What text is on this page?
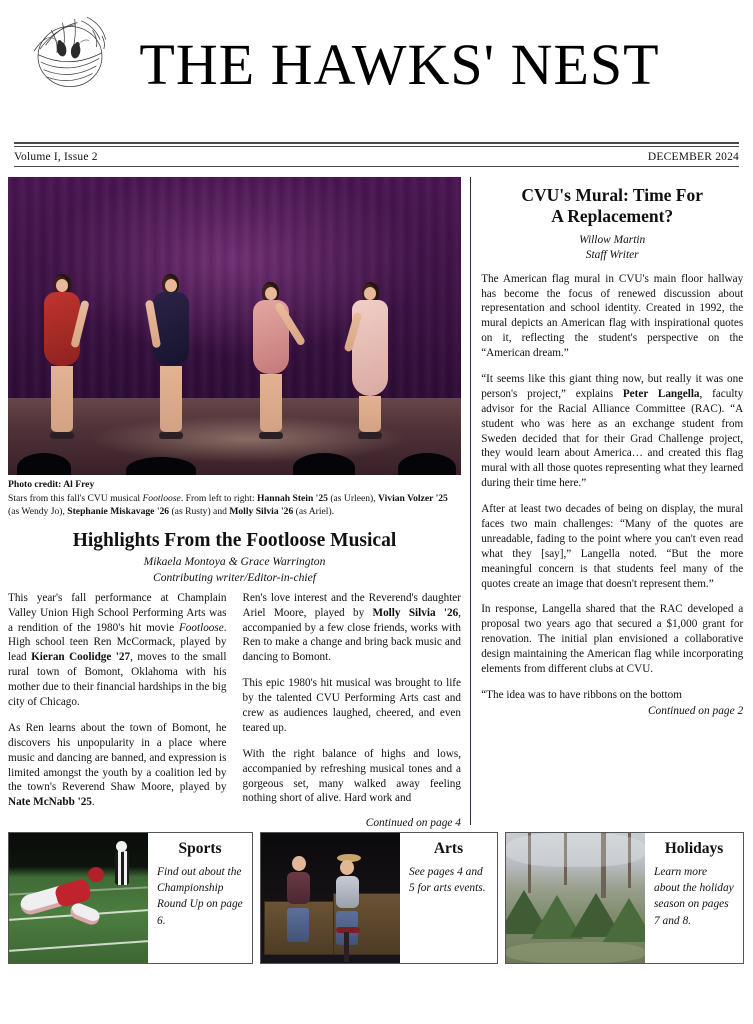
THE HAWKS' NEST
Volume I, Issue 2	DECEMBER 2024
Photo credit: Al Frey
Stars from this fall's CVU musical Footloose. From left to right: Hannah Stein '25 (as Urleen), Vivian Volzer '25 (as Wendy Jo), Stephanie Miskavage '26 (as Rusty) and Molly Silvia '26 (as Ariel).
Highlights From the Footloose Musical
Mikaela Montoya & Grace Warrington
Contributing writer/Editor-in-chief

This year's fall performance at Champlain Valley Union High School Performing Arts was a rendition of the 1980's hit movie Footloose. High school teen Ren McCormack, played by lead Kieran Coolidge '27, moves to the small rural town of Bomont, Oklahoma with his mother due to their financial hardships in the big city of Chicago.

As Ren learns about the town of Bomont, he discovers his unpopularity in a place where music and dancing are banned, and expression is limited amongst the youth by a coalition led by the town's Reverend Shaw Moore, played by Nate McNabb '25.

Ren's love interest and the Reverend's daughter Ariel Moore, played by Molly Silvia '26, accompanied by a few close friends, works with Ren to make a change and bring back music and dancing to Bomont.

This epic 1980's hit musical was brought to life by the talented CVU Performing Arts cast and crew as audiences laughed, cheered, and even teared up.

With the right balance of highs and lows, accompanied by refreshing musical tones and a gorgeous set, many walked away feeling nothing short of alive. Hard work and

Continued on page 4
CVU's Mural: Time For
A Replacement?
Willow Martin
Staff Writer

The American flag mural in CVU's main floor hallway has become the focus of renewed discussion about representation and school identity. Created in 1992, the mural depicts an American flag with inspirational quotes on it, reflecting the student's perspective on the “American dream.”

“It seems like this giant thing now, but really it was one person's project,” explains Peter Langella, faculty advisor for the Racial Alliance Committee (RAC). “A student who was here as an exchange student from Sweden decided that for their Grad Challenge project, they would learn about America… and created this flag mural with all those quotes representing what they learned during their time here.”

After at least two decades of being on display, the mural faces two main challenges: “Many of the quotes are unreadable, fading to the point where you can't even read what they [say],” Langella noted. “But the more meaningful concern is that students feel many of the quotes create an image that doesn't represent them.”

In response, Langella shared that the RAC developed a proposal two years ago that secured a $1,000 grant for renovation. The initial plan envisioned a collaborative design maintaining the American flag while incorporating elements from different clubs at CVU.

“The idea was to have ribbons on the bottom

Continued on page 2
Sports
Find out about the Championship Round Up on page 6.
Arts
See pages 4 and 5 for arts events.
Holidays
Learn more about the holiday season on pages 7 and 8.
